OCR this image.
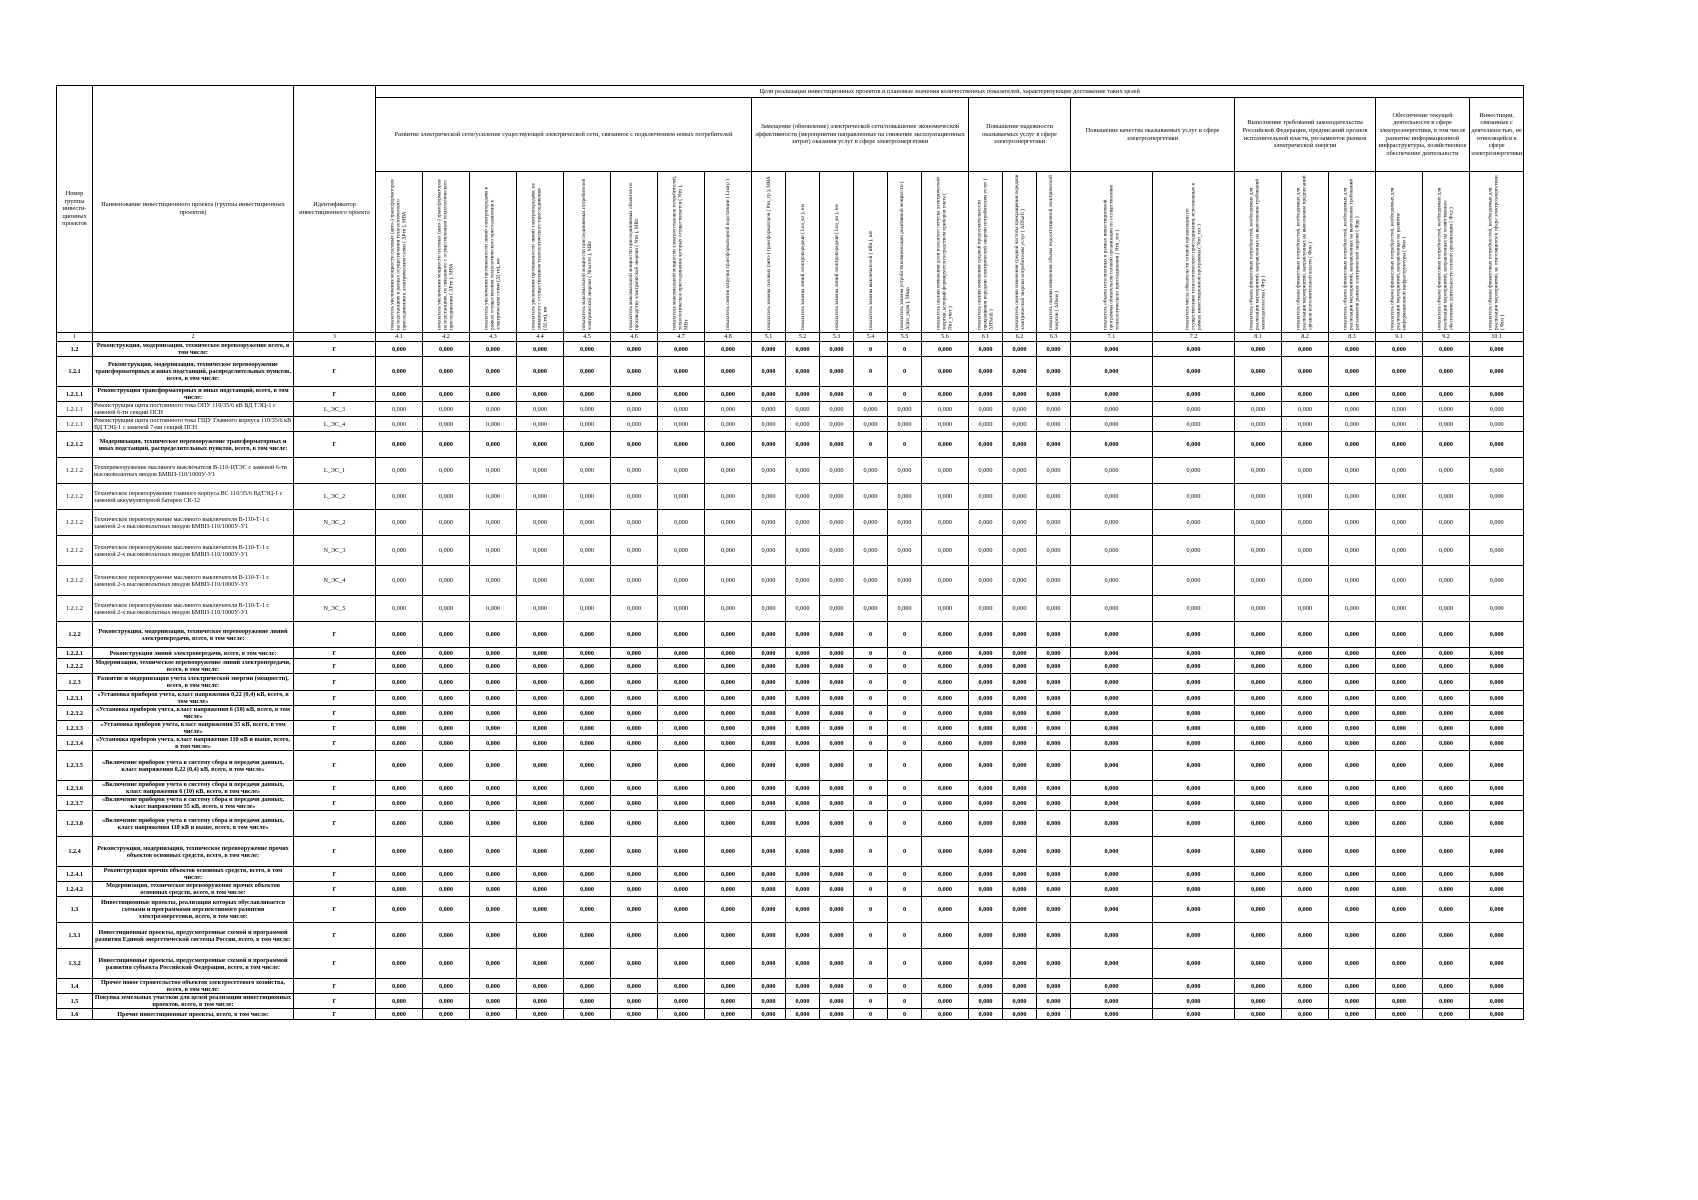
Номер группы инвести-ционных проектов	Наименование инвестиционного проекта (группы инвестиционных проектов)	Идентификатор инвестиционного проекта	Цели реализации инвестиционных проектов и плановые значения количественных показателей, характеризующие достижение таких целей																								
			Развитие электрической сети/усиление существующей электрической сети, связанное с подключением новых потребителей								Замещение (обновление) электрической сети/повышение экономической эффективности (мероприятия направленные на снижение эксплуатационных затрат) оказания услуг в сфере электроэнергетики						Повышение надежности оказываемых услуг в сфере электроэнергетики			Повышение качества оказываемых услуг в сфере электроэнергетики		Выполнение требований законодательства Российской Федерации, предписаний органов исполнительной власти, регламентов рынков электрической энергии			Обеспечение текущей деятельности в сфере электроэнергетики, в том числе развитие информационной инфраструктуры, хозяйственное обеспечение деятельности		Инвестиции, связанные с деятельностью, не относящейся к сфере электроэнергетики

			показатель увеличения мощности силовых (авто-) трансформаторов на подстанциях в рамках осуществления технологического присоединения к электрическим сетям ( ΔPтп ), МВА	показатель увеличения мощности силовых (авто-) трансформаторов на подстанциях, не связанного с осуществлением технологического присоединения ( ΔPтп ), МВА	показатель увеличения протяженности линий электропередачи в рамках осуществления технологического присоединения к электрическим сетям (ΔLтп), км	показатель увеличения протяженности линий электропередачи, не связанного с осуществлением технологического присоединения (ΔLтп), км	показатель максимальной мощности присоединяемых потребителей электрической энергии ( Nmaxтп ), МВт	показатель максимальной мощности присоединяемых объектов по производству электрической энергии ( Nтп ), МВт	показатель максимальной мощности электроустановок потребителей, технологическое присоединение которых осуществляется ( Nтп ), МВт	показатель снятия загрузки трансформаторной подстанции ( Lнагр )	показатель замены силовых (авто-) трансформаторов ( Pnз_тр ), МВА	показатель замены линий электропередачи ( Lnз_кл ), км	показатель замены линий электропередачи ( Lnз_вл ), км	показатель замены выключателей ( nВч ), шт	показатель замены устройств компенсации реактивной мощности ( ΔQnз_укрм ), Мвар	показатель оценки изменения доли полезного отпуска электрической энергии, который формируется посредством приборов учета ( Пnз_учет )	показатель оценки изменения средней продолжительности прекращения передачи электрической энергии потребителям услуг ( ΔПSaidi )	показатель оценки изменения средней частоты прекращения передачи электрической энергии потребителям услуг ( ΔПSaifi )	показатель оценки изменения объема недоотпущенной электрической энергии ( ΔПens )	показатель объема исполненных в рамках инвестиционной программы обязательств сетевой организации по осуществлению технологического присоединения ( Nтп_тех )	показатель числа обязательств сетевой организации по осуществлению технологического присоединения, исполненных в рамках инвестиционной программы ( Nтп_тех )	показатель объема финансовых потребностей, необходимых для реализации мероприятий, направленных на выполнение требований законодательства ( Фтр )	показатель объема финансовых потребностей, необходимых для реализации мероприятий, направленных на выполнение предписаний органов исполнительной власти ( Фпи )	показатель объема финансовых потребностей, необходимых для реализации мероприятий, направленных на выполнение требований регламентов рынков электрической энергии ( Фрр )	показатель объема финансовых потребностей, необходимых для реализации мероприятий, направленных на развитие информационной инфраструктуры ( Фит )	показатель объема финансовых потребностей, необходимых для реализации мероприятий, направленных на хозяйственное обеспечение деятельности сетевой организации ( Фхд )	показатель объема финансовых потребностей, необходимых для реализации мероприятий, не относящихся к сфере электроэнергетики ( Фнэ )

1	2	3	4.1	4.2	4.3	4.4	4.5	4.6	4.7	4.8	5.1	5.2	5.3	5.4	5.5	5.6	6.1	6.2	6.3	7.1	7.2	8.1	8.2	8.3	9.1	9.2	10.1
1.2	Реконструкция, модернизация, техническое перевооружение всего, в том числе:	Г	0,000	0,000	0,000	0,000	0,000	0,000	0,000	0,000	0,000	0,000	0,000	0	0	0,000	0,000	0,000	0,000	0,000	0,000	0,000	0,000	0,000	0,000	0,000	0,000
1.2.1	Реконструкция, модернизация, техническое перевооружение трансформаторных и иных подстанций, распределительных пунктов, всего, в том числе:	Г	0,000	0,000	0,000	0,000	0,000	0,000	0,000	0,000	0,000	0,000	0,000	0	0	0,000	0,000	0,000	0,000	0,000	0,000	0,000	0,000	0,000	0,000	0,000	0,000
1.2.1.1	Реконструкция трансформаторных и иных подстанций, всего, в том числе:	Г	0,000	0,000	0,000	0,000	0,000	0,000	0,000	0,000	0,000	0,000	0,000	0	0	0,000	0,000	0,000	0,000	0,000	0,000	0,000	0,000	0,000	0,000	0,000	0,000
1.2.1.1	Реконструкция щита постоянного тока ОПУ 110/35/6 кВ ВД ТЭЦ-1 с заменой 6-ти секций ПСН	L_ЭС_3	0,000	0,000	0,000	0,000	0,000	0,000	0,000	0,000	0,000	0,000	0,000	0,000	0,000	0,000	0,000	0,000	0,000	0,000	0,000	0,000	0,000	0,000	0,000	0,000	0,000
1.2.1.1	Реконструкция щита постоянного тока ГЩУ Главного корпуса 110/35/6 кВ ВД ТЭЦ-1 с заменой 7-ми секций ПСН	L_ЭС_4	0,000	0,000	0,000	0,000	0,000	0,000	0,000	0,000	0,000	0,000	0,000	0,000	0,000	0,000	0,000	0,000	0,000	0,000	0,000	0,000	0,000	0,000	0,000	0,000	0,000
1.2.1.2	Модернизация, техническое перевооружение трансформаторных и иных подстанций, распределительных пунктов, всего, в том числе:	Г	0,000	0,000	0,000	0,000	0,000	0,000	0,000	0,000	0,000	0,000	0,000	0	0	0,000	0,000	0,000	0,000	0,000	0,000	0,000	0,000	0,000	0,000	0,000	0,000
1.2.1.2	Техперевооружение масляного выключателя В-110-ЦТЭС с заменой 6-ти высоковольтных вводов БМВП-110/1000У-У1	L_ЭС_1	0,000	0,000	0,000	0,000	0,000	0,000	0,000	0,000	0,000	0,000	0,000	0,000	0,000	0,000	0,000	0,000	0,000	0,000	0,000	0,000	0,000	0,000	0,000	0,000	0,000
1.2.1.2	Техническое перевооружение главного корпуса ВС 110/35/6 ВдТЭЦ-1 с заменой аккумуляторной батареи СК-12	L_ЭС_2	0,000	0,000	0,000	0,000	0,000	0,000	0,000	0,000	0,000	0,000	0,000	0,000	0,000	0,000	0,000	0,000	0,000	0,000	0,000	0,000	0,000	0,000	0,000	0,000	0,000
1.2.1.2	Техническое перевооружение масляного выключателя В-110-Т-1 с заменой 2-х высоковольтных вводов БМВП-110/1000У-У1	N_ЭС_2	0,000	0,000	0,000	0,000	0,000	0,000	0,000	0,000	0,000	0,000	0,000	0,000	0,000	0,000	0,000	0,000	0,000	0,000	0,000	0,000	0,000	0,000	0,000	0,000	0,000
1.2.1.2	Техническое перевооружение масляного выключателя В-110-Т-1 с заменой 2-х высоковольтных вводов БМВП-110/1000У-У1	N_ЭС_3	0,000	0,000	0,000	0,000	0,000	0,000	0,000	0,000	0,000	0,000	0,000	0,000	0,000	0,000	0,000	0,000	0,000	0,000	0,000	0,000	0,000	0,000	0,000	0,000	0,000
1.2.1.2	Техническое перевооружение масляного выключателя В-110-Т-1 с заменой 2-х высоковольтных вводов БМВП-110/1000У-У1	N_ЭС_4	0,000	0,000	0,000	0,000	0,000	0,000	0,000	0,000	0,000	0,000	0,000	0,000	0,000	0,000	0,000	0,000	0,000	0,000	0,000	0,000	0,000	0,000	0,000	0,000	0,000
1.2.1.2	Техническое перевооружение масляного выключателя В-110-Т-1 с заменой 2-х высоковольтных вводов БМВП-110/1000У-У1	N_ЭС_5	0,000	0,000	0,000	0,000	0,000	0,000	0,000	0,000	0,000	0,000	0,000	0,000	0,000	0,000	0,000	0,000	0,000	0,000	0,000	0,000	0,000	0,000	0,000	0,000	0,000
1.2.2	Реконструкция, модернизация, техническое перевооружение линий электропередачи, всего, в том числе:	Г	0,000	0,000	0,000	0,000	0,000	0,000	0,000	0,000	0,000	0,000	0,000	0	0	0,000	0,000	0,000	0,000	0,000	0,000	0,000	0,000	0,000	0,000	0,000	0,000
1.2.2.1	Реконструкция линий электропередачи, всего, в том числе:	Г	0,000	0,000	0,000	0,000	0,000	0,000	0,000	0,000	0,000	0,000	0,000	0	0	0,000	0,000	0,000	0,000	0,000	0,000	0,000	0,000	0,000	0,000	0,000	0,000
1.2.2.2	Модернизация, техническое перевооружение линий электропередачи, всего, в том числе:	Г	0,000	0,000	0,000	0,000	0,000	0,000	0,000	0,000	0,000	0,000	0,000	0	0	0,000	0,000	0,000	0,000	0,000	0,000	0,000	0,000	0,000	0,000	0,000	0,000
1.2.3	Развитие и модернизация учета электрической энергии (мощности), всего, в том числе:	Г	0,000	0,000	0,000	0,000	0,000	0,000	0,000	0,000	0,000	0,000	0,000	0	0	0,000	0,000	0,000	0,000	0,000	0,000	0,000	0,000	0,000	0,000	0,000	0,000
1.2.3.1	«Установка приборов учета, класс напряжения 0,22 (0,4) кВ, всего, в том числе»	Г	0,000	0,000	0,000	0,000	0,000	0,000	0,000	0,000	0,000	0,000	0,000	0	0	0,000	0,000	0,000	0,000	0,000	0,000	0,000	0,000	0,000	0,000	0,000	0,000
1.2.3.2	«Установка приборов учета, класс напряжения 6 (10) кВ, всего, в том числе»	Г	0,000	0,000	0,000	0,000	0,000	0,000	0,000	0,000	0,000	0,000	0,000	0	0	0,000	0,000	0,000	0,000	0,000	0,000	0,000	0,000	0,000	0,000	0,000	0,000
1.2.3.3	«Установка приборов учета, класс напряжения 35 кВ, всего, в том числе»	Г	0,000	0,000	0,000	0,000	0,000	0,000	0,000	0,000	0,000	0,000	0,000	0	0	0,000	0,000	0,000	0,000	0,000	0,000	0,000	0,000	0,000	0,000	0,000	0,000
1.2.3.4	«Установка приборов учета, класс напряжения 110 кВ и выше, всего, в том числе»	Г	0,000	0,000	0,000	0,000	0,000	0,000	0,000	0,000	0,000	0,000	0,000	0	0	0,000	0,000	0,000	0,000	0,000	0,000	0,000	0,000	0,000	0,000	0,000	0,000
1.2.3.5	«Включение приборов учета в систему сбора и передачи данных, класс напряжения 0,22 (0,4) кВ, всего, в том числе»	Г	0,000	0,000	0,000	0,000	0,000	0,000	0,000	0,000	0,000	0,000	0,000	0	0	0,000	0,000	0,000	0,000	0,000	0,000	0,000	0,000	0,000	0,000	0,000	0,000
1.2.3.6	«Включение приборов учета в систему сбора и передачи данных, класс напряжения 6 (10) кВ, всего, в том числе»	Г	0,000	0,000	0,000	0,000	0,000	0,000	0,000	0,000	0,000	0,000	0,000	0	0	0,000	0,000	0,000	0,000	0,000	0,000	0,000	0,000	0,000	0,000	0,000	0,000
1.2.3.7	«Включение приборов учета в систему сбора и передачи данных, класс напряжения 35 кВ, всего, в том числе»	Г	0,000	0,000	0,000	0,000	0,000	0,000	0,000	0,000	0,000	0,000	0,000	0	0	0,000	0,000	0,000	0,000	0,000	0,000	0,000	0,000	0,000	0,000	0,000	0,000
1.2.3.8	«Включение приборов учета в систему сбора и передачи данных, класс напряжения 110 кВ и выше, всего, в том числе»	Г	0,000	0,000	0,000	0,000	0,000	0,000	0,000	0,000	0,000	0,000	0,000	0	0	0,000	0,000	0,000	0,000	0,000	0,000	0,000	0,000	0,000	0,000	0,000	0,000
1.2.4	Реконструкция, модернизация, техническое перевооружение прочих объектов основных средств, всего, в том числе:	Г	0,000	0,000	0,000	0,000	0,000	0,000	0,000	0,000	0,000	0,000	0,000	0	0	0,000	0,000	0,000	0,000	0,000	0,000	0,000	0,000	0,000	0,000	0,000	0,000
1.2.4.1	Реконструкция прочих объектов основных средств, всего, в том числе:	Г	0,000	0,000	0,000	0,000	0,000	0,000	0,000	0,000	0,000	0,000	0,000	0	0	0,000	0,000	0,000	0,000	0,000	0,000	0,000	0,000	0,000	0,000	0,000	0,000
1.2.4.2	Модернизация, техническое перевооружение прочих объектов основных средств, всего, в том числе:	Г	0,000	0,000	0,000	0,000	0,000	0,000	0,000	0,000	0,000	0,000	0,000	0	0	0,000	0,000	0,000	0,000	0,000	0,000	0,000	0,000	0,000	0,000	0,000	0,000
1.3	Инвестиционные проекты, реализация которых обуславливается схемами и программами перспективного развития электроэнергетики, всего, в том числе:	Г	0,000	0,000	0,000	0,000	0,000	0,000	0,000	0,000	0,000	0,000	0,000	0	0	0,000	0,000	0,000	0,000	0,000	0,000	0,000	0,000	0,000	0,000	0,000	0,000
1.3.1	Инвестиционные проекты, предусмотренные схемой и программой развития Единой энергетической системы России, всего, в том числе:	Г	0,000	0,000	0,000	0,000	0,000	0,000	0,000	0,000	0,000	0,000	0,000	0	0	0,000	0,000	0,000	0,000	0,000	0,000	0,000	0,000	0,000	0,000	0,000	0,000
1.3.2	Инвестиционные проекты, предусмотренные схемой и программой развития субъекта Российской Федерации, всего, в том числе:	Г	0,000	0,000	0,000	0,000	0,000	0,000	0,000	0,000	0,000	0,000	0,000	0	0	0,000	0,000	0,000	0,000	0,000	0,000	0,000	0,000	0,000	0,000	0,000	0,000
1.4	Прочее новое строительство объектов электросетевого хозяйства, всего, в том числе:	Г	0,000	0,000	0,000	0,000	0,000	0,000	0,000	0,000	0,000	0,000	0,000	0	0	0,000	0,000	0,000	0,000	0,000	0,000	0,000	0,000	0,000	0,000	0,000	0,000
1.5	Покупка земельных участков для целей реализации инвестиционных проектов, всего, в том числе:	Г	0,000	0,000	0,000	0,000	0,000	0,000	0,000	0,000	0,000	0,000	0,000	0	0	0,000	0,000	0,000	0,000	0,000	0,000	0,000	0,000	0,000	0,000	0,000	0,000
1.6	Прочие инвестиционные проекты, всего, в том числе:	Г	0,000	0,000	0,000	0,000	0,000	0,000	0,000	0,000	0,000	0,000	0,000	0	0	0,000	0,000	0,000	0,000	0,000	0,000	0,000	0,000	0,000	0,000	0,000	0,000
